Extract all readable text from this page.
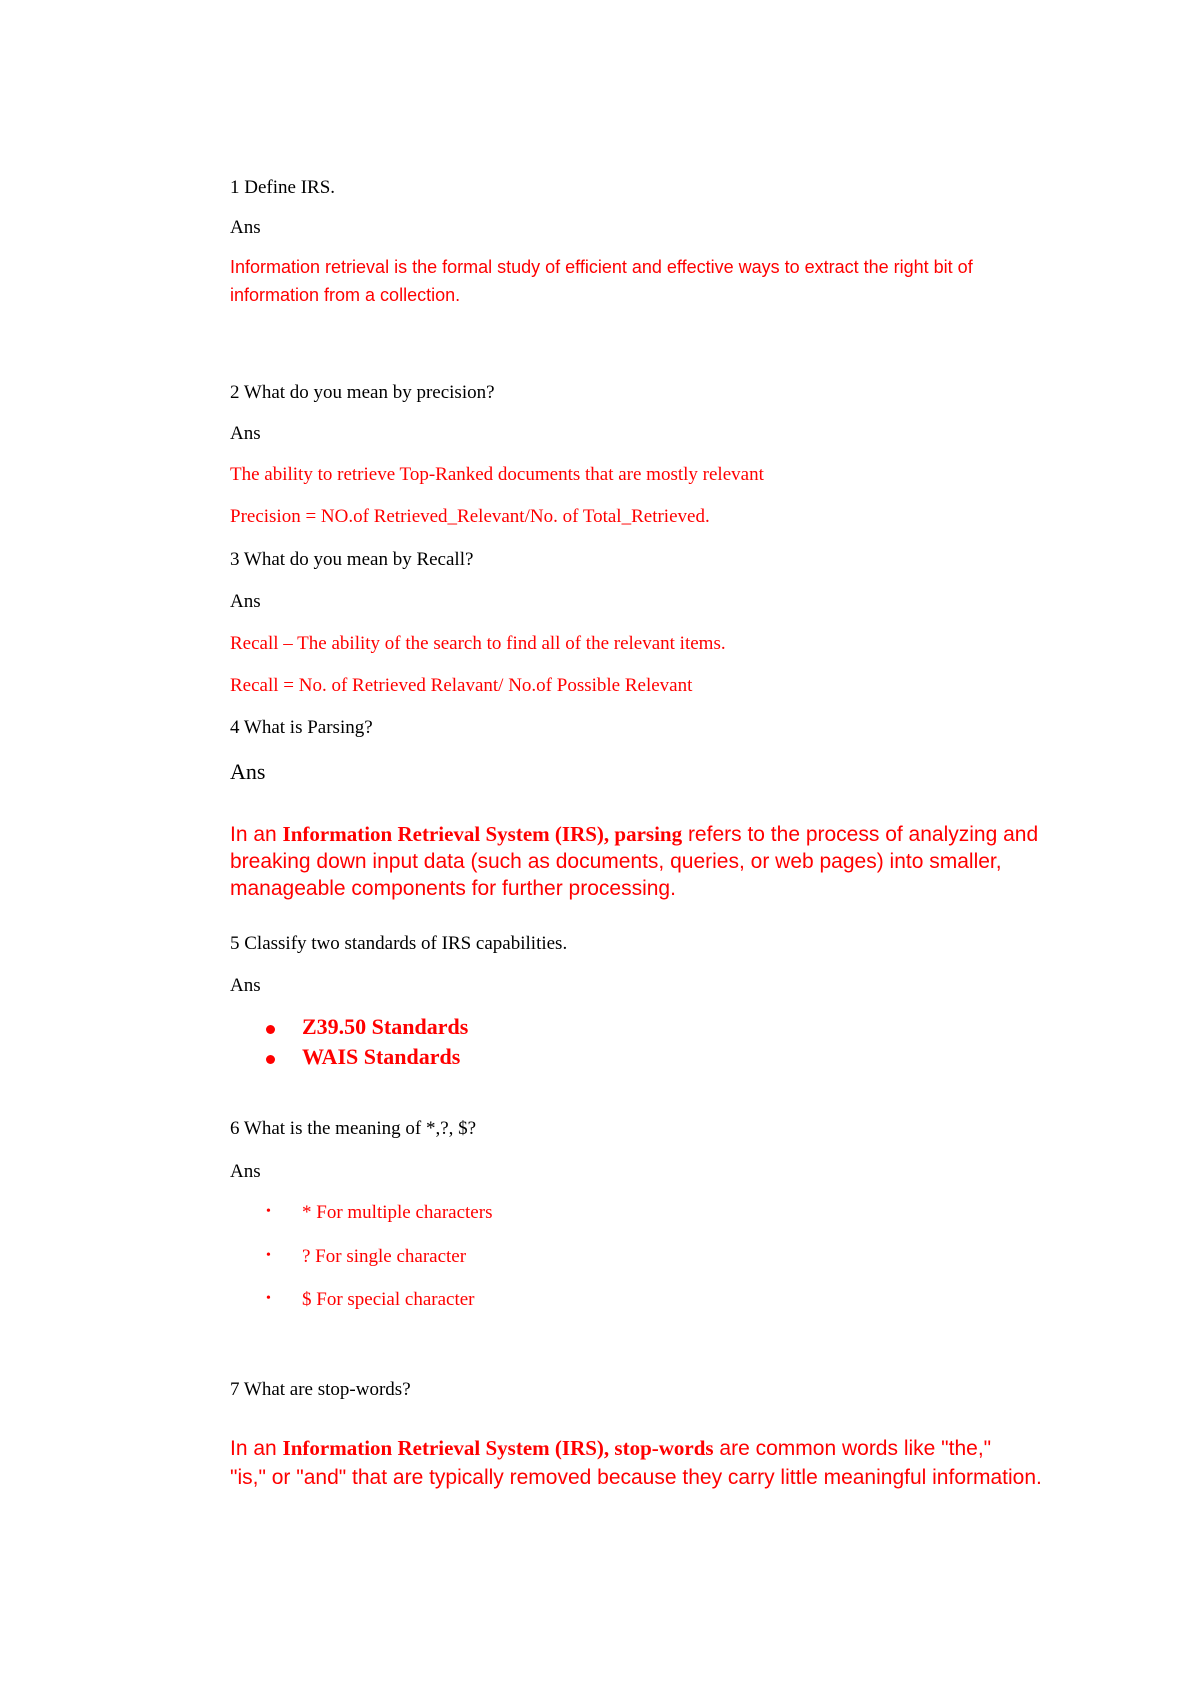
1 Define IRS.

Ans

Information retrieval is the formal study of efficient and effective ways to extract the right bit of

information from a collection.

2 What do you mean by precision?

Ans

The ability to retrieve Top-Ranked documents that are mostly relevant

Precision = NO.of Retrieved_Relevant/No. of Total_Retrieved.

3 What do you mean by Recall?

Ans

Recall – The ability of the search to find all of the relevant items.

Recall = No. of Retrieved Relavant/ No.of Possible Relevant

4 What is Parsing?

Ans

In an Information Retrieval System (IRS), parsing refers to the process of analyzing and

breaking down input data (such as documents, queries, or web pages) into smaller,

manageable components for further processing.

5 Classify two standards of IRS capabilities.

Ans

Z39.50 Standards

WAIS Standards

6 What is the meaning of *,?, $?

Ans

• * For multiple characters

• ? For single character

• $ For special character

7 What are stop-words?

In an Information Retrieval System (IRS), stop-words are common words like "the,"

"is," or "and" that are typically removed because they carry little meaningful information.
